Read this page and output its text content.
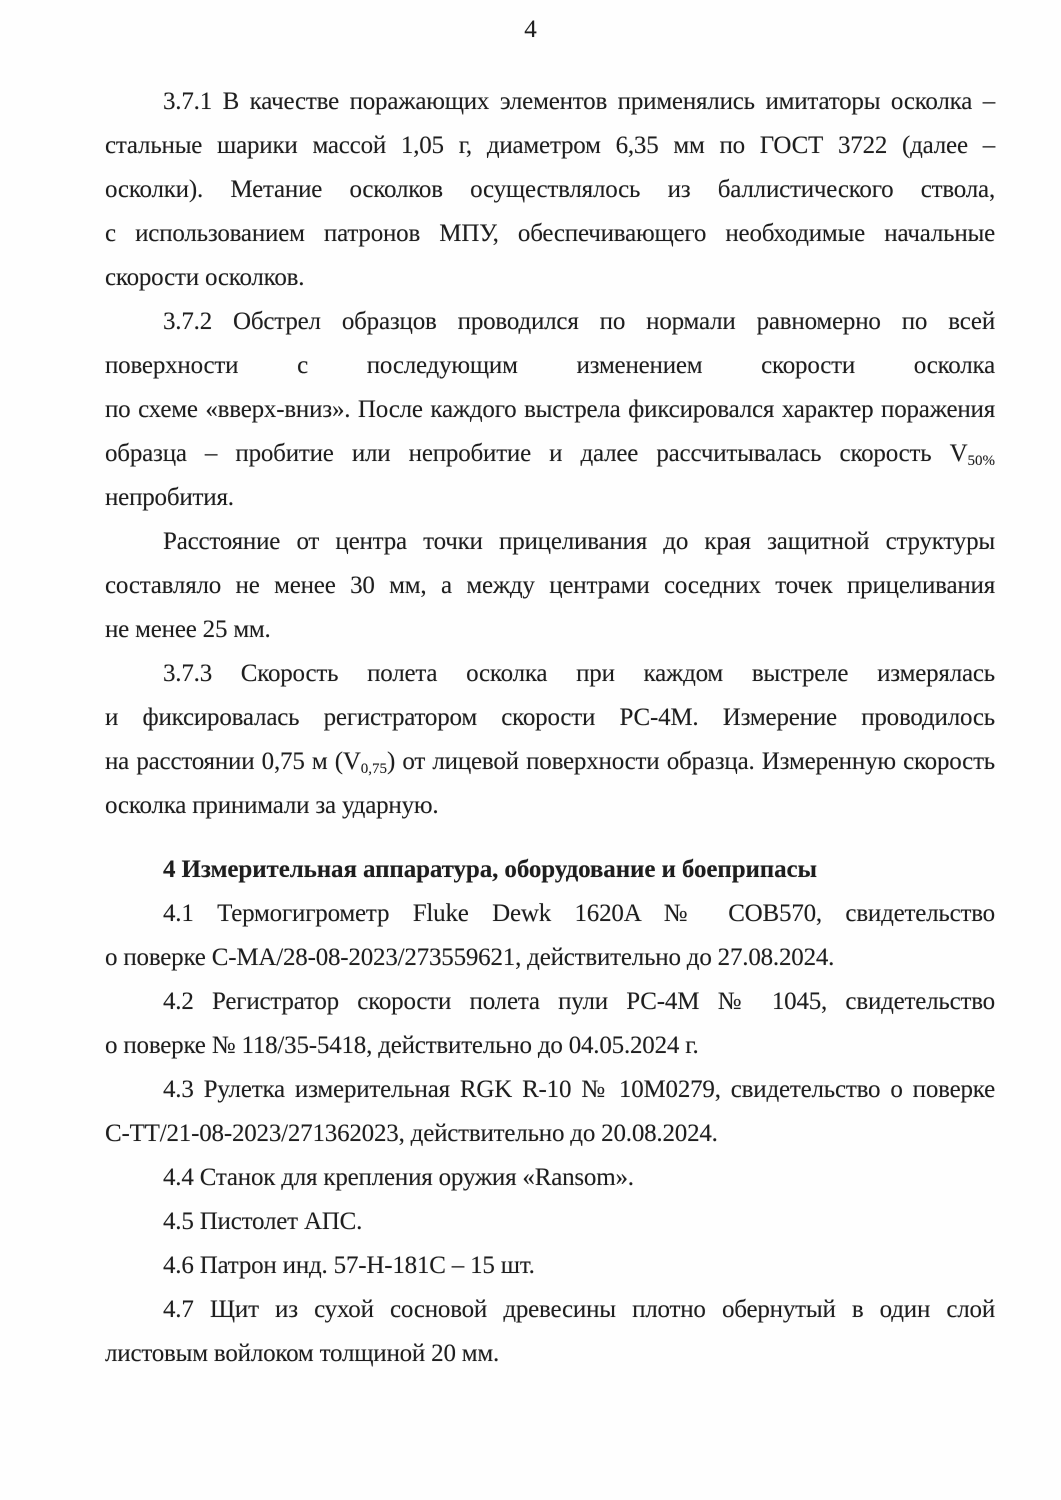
4
3.7.1 В качестве поражающих элементов применялись имитаторы осколка –
стальные шарики массой 1,05 г, диаметром 6,35 мм по ГОСТ 3722 (далее –
осколки). Метание осколков осуществлялось из баллистического ствола,
с использованием патронов МПУ, обеспечивающего необходимые начальные
скорости осколков.
3.7.2 Обстрел образцов проводился по нормали равномерно по всей
поверхности с последующим изменением скорости осколка
по схеме «вверх-вниз». После каждого выстрела фиксировался характер поражения
образца – пробитие или непробитие и далее рассчитывалась скорость $V_{50\%}$
непробития.
Расстояние от центра точки прицеливания до края защитной структуры
составляло не менее 30 мм, а между центрами соседних точек прицеливания
не менее 25 мм.
3.7.3 Скорость полета осколка при каждом выстреле измерялась
и фиксировалась регистратором скорости РС-4М. Измерение проводилось
на расстоянии 0,75 м $(V_{0,75})$ от лицевой поверхности образца. Измеренную скорость
осколка принимали за ударную.
4 Измерительная аппаратура, оборудование и боеприпасы
4.1 Термогигрометр Fluke Dewk 1620A № СОВ570, свидетельство
о поверке С-МА/28-08-2023/273559621, действительно до 27.08.2024.
4.2 Регистратор скорости полета пули РС-4М № 1045, свидетельство
о поверке № 118/35-5418, действительно до 04.05.2024 г.
4.3 Рулетка измерительная RGK R-10 № 10М0279, свидетельство о поверке
С-ТТ/21-08-2023/271362023, действительно до 20.08.2024.
4.4 Станок для крепления оружия «Ransom».
4.5 Пистолет АПС.
4.6 Патрон инд. 57-Н-181С – 15 шт.
4.7 Щит из сухой сосновой древесины плотно обернутый в один слой
листовым войлоком толщиной 20 мм.
